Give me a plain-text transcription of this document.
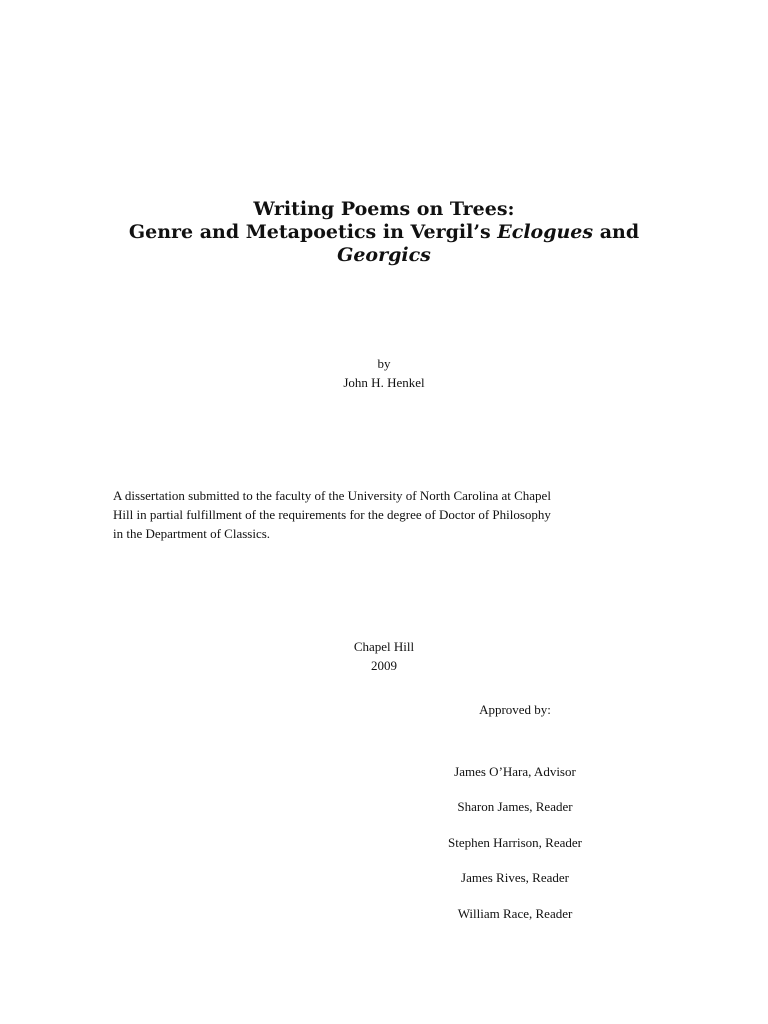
Writing Poems on Trees:
Genre and Metapoetics in Vergil’s Eclogues and
Georgics
by
John H. Henkel
A dissertation submitted to the faculty of the University of North Carolina at Chapel
Hill in partial fulfillment of the requirements for the degree of Doctor of Philosophy
in the Department of Classics.
Chapel Hill
2009
Approved by:
James O’Hara, Advisor
Sharon James, Reader
Stephen Harrison, Reader
James Rives, Reader
William Race, Reader
